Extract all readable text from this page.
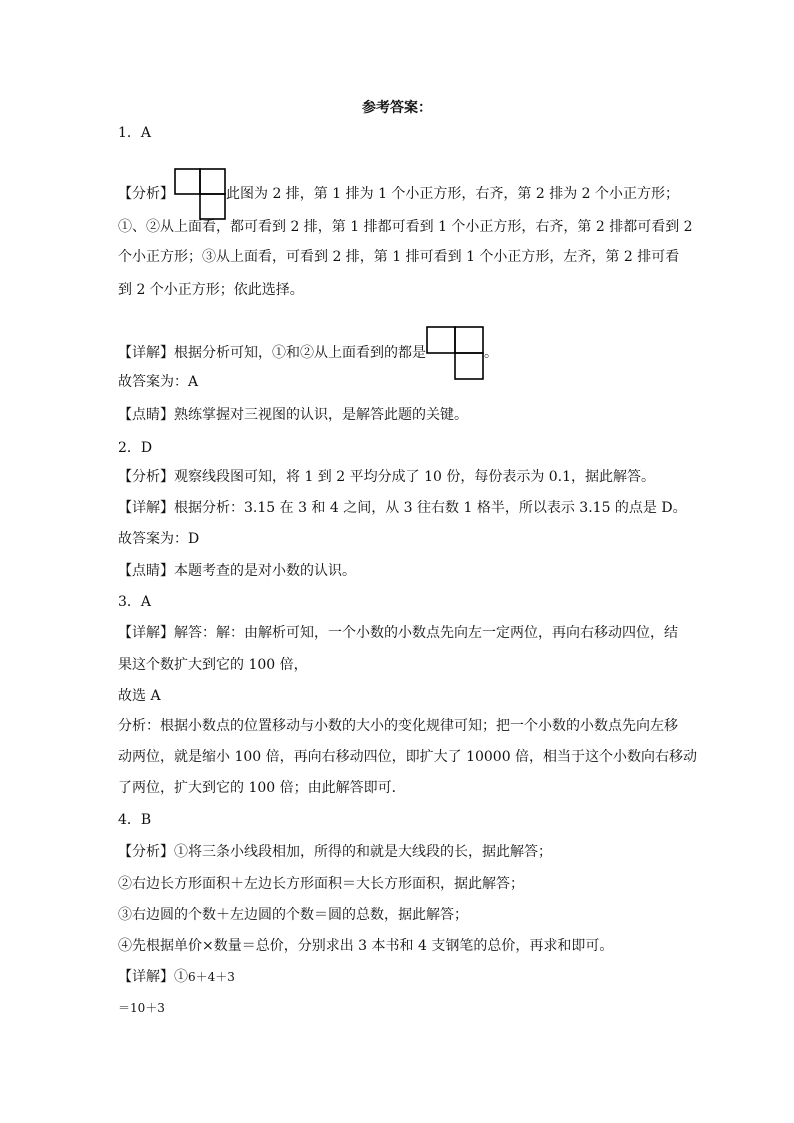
参考答案：
1．A
【分析】	此图为 2 排，第 1 排为 1 个小正方形，右齐，第 2 排为 2 个小正方形；
①、②从上面看，都可看到 2 排，第 1 排都可看到 1 个小正方形，右齐，第 2 排都可看到 2
个小正方形；③从上面看，可看到 2 排，第 1 排可看到 1 个小正方形，左齐，第 2 排可看
到 2 个小正方形；依此选择。
【详解】根据分析可知，①和②从上面看到的都是	。
故答案为：A
【点睛】熟练掌握对三视图的认识，是解答此题的关键。
2．D
【分析】观察线段图可知，将 1 到 2 平均分成了 10 份，每份表示为 0.1，据此解答。
【详解】根据分析：3.15 在 3 和 4 之间，从 3 往右数 1 格半，所以表示 3.15 的点是 D。
故答案为：D
【点睛】本题考查的是对小数的认识。
3．A
【详解】解答：解：由解析可知，一个小数的小数点先向左一定两位，再向右移动四位，结
果这个数扩大到它的 100 倍，
故选 A
分析：根据小数点的位置移动与小数的大小的变化规律可知；把一个小数的小数点先向左移
动两位，就是缩小 100 倍，再向右移动四位，即扩大了 10000 倍，相当于这个小数向右移动
了两位，扩大到它的 100 倍；由此解答即可．
4．B
【分析】①将三条小线段相加，所得的和就是大线段的长，据此解答；
②右边长方形面积＋左边长方形面积＝大长方形面积，据此解答；
③右边圆的个数＋左边圆的个数＝圆的总数，据此解答；
④先根据单价×数量＝总价，分别求出 3 本书和 4 支钢笔的总价，再求和即可。
【详解】①6＋4＋3
＝10＋3
